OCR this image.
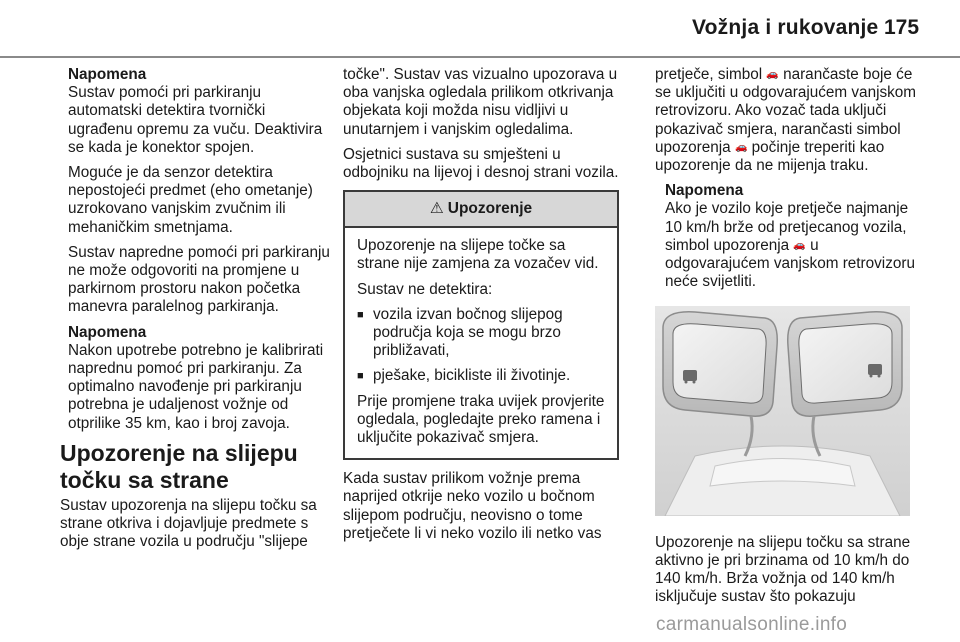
Vožnja i rukovanje 175
Napomena
Sustav pomoći pri parkiranju automatski detektira tvornički ugrađenu opremu za vuču. Deaktivira se kada je konektor spojen.
Moguće je da senzor detektira nepostojeći predmet (eho ometanje) uzrokovano vanjskim zvučnim ili mehaničkim smetnjama.
Sustav napredne pomoći pri parkiranju ne može odgovoriti na promjene u parkirnom prostoru nakon početka manevra paralelnog parkiranja.
Napomena
Nakon upotrebe potrebno je kalibrirati naprednu pomoć pri parkiranju. Za optimalno navođenje pri parkiranju potrebna je udaljenost vožnje od otprilike 35 km, kao i broj zavoja.
Upozorenje na slijepu točku sa strane
Sustav upozorenja na slijepu točku sa strane otkriva i dojavljuje predmete s obje strane vozila u području "slijepe
točke". Sustav vas vizualno upozorava u oba vanjska ogledala prilikom otkrivanja objekata koji možda nisu vidljivi u unutarnjem i vanjskim ogledalima.
Osjetnici sustava su smješteni u odbojniku na lijevoj i desnoj strani vozila.
⚠ Upozorenje
Upozorenje na slijepe točke sa strane nije zamjena za vozačev vid.
Sustav ne detektira:
■ vozila izvan bočnog slijepog područja koja se mogu brzo približavati,
■ pješake, bicikliste ili životinje.
Prije promjene traka uvijek provjerite ogledala, pogledajte preko ramena i uključite pokazivač smjera.
Kada sustav prilikom vožnje prema naprijed otkrije neko vozilo u bočnom slijepom području, neovisno o tome pretječete li vi neko vozilo ili netko vas
pretječe, simbol 🚗 narančaste boje će se uključiti u odgovarajućem vanjskom retrovizoru. Ako vozač tada uključi pokazivač smjera, narančasti simbol upozorenja 🚗 počinje treperiti kao upozorenje da ne mijenja traku.
Napomena
Ako je vozilo koje pretječe najmanje 10 km/h brže od pretjecanog vozila, simbol upozorenja 🚗 u odgovarajućem vanjskom retrovizoru neće svijetliti.
Upozorenje na slijepu točku sa strane aktivno je pri brzinama od 10 km/h do 140 km/h. Brža vožnja od 140 km/h isključuje sustav što pokazuju
carmanualsonline.info
